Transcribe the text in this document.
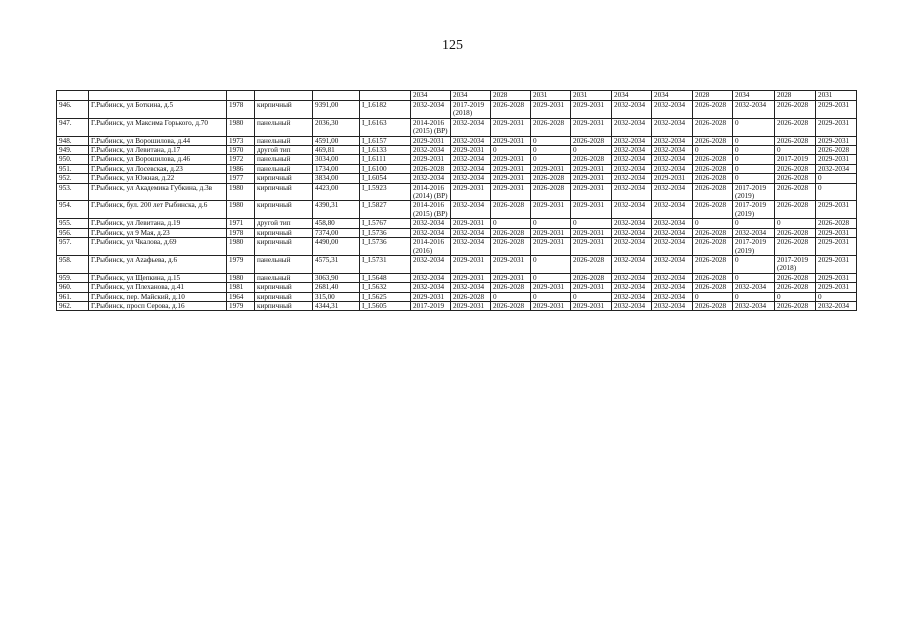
125
						2034	2034	2028	2031	2031	2034	2034	2028	2034	2028	2031
946.	Г.Рыбинск, ул Боткина, д.5	1978	кирпичный	9391,00	I_I.6182	2032-2034	2017-2019 (2018)	2026-2028	2029-2031	2029-2031	2032-2034	2032-2034	2026-2028	2032-2034	2026-2028	2029-2031
947.	Г.Рыбинск, ул Максима Горького, д.70	1980	панельный	2036,30	I_I.6163	2014-2016 (2015) (ВР)	2032-2034	2029-2031	2026-2028	2029-2031	2032-2034	2032-2034	2026-2028	0	2026-2028	2029-2031
948.	Г.Рыбинск, ул Ворошилова, д.44	1973	панельный	4591,00	I_I.6157	2029-2031	2032-2034	2029-2031	0	2026-2028	2032-2034	2032-2034	2026-2028	0	2026-2028	2029-2031
949.	Г.Рыбинск, ул Левитана, д.17	1970	другой тип	469,81	I_I.6133	2032-2034	2029-2031	0	0	0	2032-2034	2032-2034	0	0	0	2026-2028
950.	Г.Рыбинск, ул Ворошилова, д.46	1972	панельный	3034,00	I_I.6111	2029-2031	2032-2034	2029-2031	0	2026-2028	2032-2034	2032-2034	2026-2028	0	2017-2019	2029-2031
951.	Г.Рыбинск, ул Лосевская, д.23	1986	панельный	1734,00	I_I.6100	2026-2028	2032-2034	2029-2031	2029-2031	2029-2031	2032-2034	2032-2034	2026-2028	0	2026-2028	2032-2034
952.	Г.Рыбинск, ул Южная, д.22	1977	кирпичный	3834,00	I_I.6054	2032-2034	2032-2034	2029-2031	2026-2028	2029-2031	2032-2034	2029-2031	2026-2028	0	2026-2028	0
953.	Г.Рыбинск, ул Академика Губкина, д.3в	1980	кирпичный	4423,00	I_I.5923	2014-2016 (2014) (ВР)	2029-2031	2029-2031	2026-2028	2029-2031	2032-2034	2032-2034	2026-2028	2017-2019 (2019)	2026-2028	0
954.	Г.Рыбинск, бул. 200 лет Рыбинска, д.6	1980	кирпичный	4390,31	I_I.5827	2014-2016 (2015) (ВР)	2032-2034	2026-2028	2029-2031	2029-2031	2032-2034	2032-2034	2026-2028	2017-2019 (2019)	2026-2028	2029-2031
955.	Г.Рыбинск, ул Левитана, д.19	1971	другой тип	458,80	I_I.5767	2032-2034	2029-2031	0	0	0	2032-2034	2032-2034	0	0	0	2026-2028
956.	Г.Рыбинск, ул 9 Мая, д.23	1978	кирпичный	7374,00	I_I.5736	2032-2034	2032-2034	2026-2028	2029-2031	2029-2031	2032-2034	2032-2034	2026-2028	2032-2034	2026-2028	2029-2031
957.	Г.Рыбинск, ул Чкалова, д.69	1980	кирпичный	4490,00	I_I.5736	2014-2016 (2016)	2032-2034	2026-2028	2029-2031	2029-2031	2032-2034	2032-2034	2026-2028	2017-2019 (2019)	2026-2028	2029-2031
958.	Г.Рыбинск, ул Azaфьева, д.6	1979	панельный	4575,31	I_I.5731	2032-2034	2029-2031	2029-2031	0	2026-2028	2032-2034	2032-2034	2026-2028	0	2017-2019 (2018)	2029-2031
959.	Г.Рыбинск, ул Щепкина, д.15	1980	панельный	3063,90	I_I.5648	2032-2034	2029-2031	2029-2031	0	2026-2028	2032-2034	2032-2034	2026-2028	0	2026-2028	2029-2031
960.	Г.Рыбинск, ул Плеханова, д.41	1981	кирпичный	2681,40	I_I.5632	2032-2034	2032-2034	2026-2028	2029-2031	2029-2031	2032-2034	2032-2034	2026-2028	2032-2034	2026-2028	2029-2031
961.	Г.Рыбинск, пер. Майский, д.10	1964	кирпичный	315,00	I_I.5625	2029-2031	2026-2028	0	0	0	2032-2034	2032-2034	0	0	0	0
962.	Г.Рыбинск, просп Серова, д.16	1979	кирпичный	4344,31	I_I.5605	2017-2019	2029-2031	2026-2028	2029-2031	2029-2031	2032-2034	2032-2034	2026-2028	2032-2034	2026-2028	2032-2034
